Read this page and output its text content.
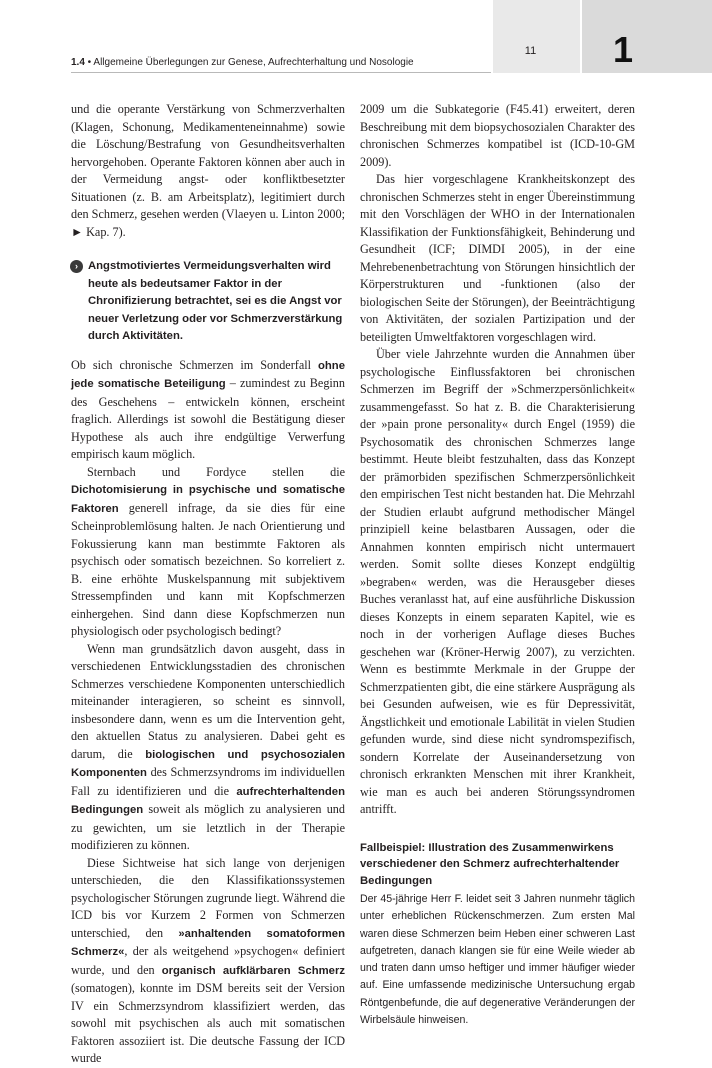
1.4 • Allgemeine Überlegungen zur Genese, Aufrechterhaltung und Nosologie
11	1

und die operante Verstärkung von Schmerzverhalten (Klagen, Schonung, Medikamenteneinnahme) sowie die Löschung/Bestrafung von Gesundheitsverhalten hervorgehoben. Operante Faktoren können aber auch in der Vermeidung angst- oder konfliktbesetzter Situationen (z. B. am Arbeitsplatz), legitimiert durch den Schmerz, gesehen werden (Vlaeyen u. Linton 2000; ► Kap. 7).

› Angstmotiviertes Vermeidungsverhalten wird heute als bedeutsamer Faktor in der Chronifizierung betrachtet, sei es die Angst vor neuer Verletzung oder vor Schmerzverstärkung durch Aktivitäten.

Ob sich chronische Schmerzen im Sonderfall ohne jede somatische Beteiligung – zumindest zu Beginn des Geschehens – entwickeln können, erscheint fraglich. Allerdings ist sowohl die Bestätigung dieser Hypothese als auch ihre endgültige Verwerfung empirisch kaum möglich.

Sternbach und Fordyce stellen die Dichotomisierung in psychische und somatische Faktoren generell infrage, da sie dies für eine Scheinproblemlösung halten. Je nach Orientierung und Fokussierung kann man bestimmte Faktoren als psychisch oder somatisch bezeichnen. So korreliert z. B. eine erhöhte Muskelspannung mit subjektivem Stressempfinden und kann mit Kopfschmerzen einhergehen. Sind dann diese Kopfschmerzen nun physiologisch oder psychologisch bedingt?

Wenn man grundsätzlich davon ausgeht, dass in verschiedenen Entwicklungsstadien des chronischen Schmerzes verschiedene Komponenten unterschiedlich miteinander interagieren, so scheint es sinnvoll, insbesondere dann, wenn es um die Intervention geht, den aktuellen Status zu analysieren. Dabei geht es darum, die biologischen und psychosozialen Komponenten des Schmerzsyndroms im individuellen Fall zu identifizieren und die aufrechterhaltenden Bedingungen soweit als möglich zu analysieren und zu gewichten, um sie letztlich in der Therapie modifizieren zu können.

Diese Sichtweise hat sich lange von derjenigen unterschieden, die den Klassifikationssystemen psychologischer Störungen zugrunde liegt. Während die ICD bis vor Kurzem 2 Formen von Schmerzen unterschied, den »anhaltenden somatoformen Schmerz«, der als weitgehend »psychogen« definiert wurde, und den organisch aufklärbaren Schmerz (somatogen), konnte im DSM bereits seit der Version IV ein Schmerzsyndrom klassifiziert werden, das sowohl mit psychischen als auch mit somatischen Faktoren assoziiert ist. Die deutsche Fassung der ICD wurde

2009 um die Subkategorie (F45.41) erweitert, deren Beschreibung mit dem biopsychosozialen Charakter des chronischen Schmerzes kompatibel ist (ICD-10-GM 2009).

Das hier vorgeschlagene Krankheitskonzept des chronischen Schmerzes steht in enger Übereinstimmung mit den Vorschlägen der WHO in der Internationalen Klassifikation der Funktionsfähigkeit, Behinderung und Gesundheit (ICF; DIMDI 2005), in der eine Mehrebenenbetrachtung von Störungen hinsichtlich der Körperstrukturen und -funktionen (also der biologischen Seite der Störungen), der Beeinträchtigung von Aktivitäten, der sozialen Partizipation und der beteiligten Umweltfaktoren vorgeschlagen wird.

Über viele Jahrzehnte wurden die Annahmen über psychologische Einflussfaktoren bei chronischen Schmerzen im Begriff der »Schmerzpersönlichkeit« zusammengefasst. So hat z. B. die Charakterisierung der »pain prone personality« durch Engel (1959) die Psychosomatik des chronischen Schmerzes lange bestimmt. Heute bleibt festzuhalten, dass das Konzept der prämorbiden spezifischen Schmerzpersönlichkeit den empirischen Test nicht bestanden hat. Die Mehrzahl der Studien erlaubt aufgrund methodischer Mängel prinzipiell keine belastbaren Aussagen, oder die Annahmen konnten empirisch nicht untermauert werden. Somit sollte dieses Konzept endgültig »begraben« werden, was die Herausgeber dieses Buches veranlasst hat, auf eine ausführliche Diskussion dieses Konzepts in einem separaten Kapitel, wie es noch in der vorherigen Auflage dieses Buches geschehen war (Kröner-Herwig 2007), zu verzichten. Wenn es bestimmte Merkmale in der Gruppe der Schmerzpatienten gibt, die eine stärkere Ausprägung als bei Gesunden aufweisen, wie es für Depressivität, Ängstlichkeit und emotionale Labilität in vielen Studien gefunden wurde, sind diese nicht syndromspezifisch, sondern Korrelate der Auseinandersetzung von chronisch erkrankten Menschen mit ihrer Krankheit, wie man es auch bei anderen Störungssyndromen antrifft.

Fallbeispiel: Illustration des Zusammenwirkens verschiedener den Schmerz aufrechterhaltender Bedingungen

Der 45-jährige Herr F. leidet seit 3 Jahren nunmehr täglich unter erheblichen Rückenschmerzen. Zum ersten Mal waren diese Schmerzen beim Heben einer schweren Last aufgetreten, danach klangen sie für eine Weile wieder ab und traten dann umso heftiger und immer häufiger wieder auf. Eine umfassende medizinische Untersuchung ergab Röntgenbefunde, die auf degenerative Veränderungen der Wirbelsäule hinweisen.
